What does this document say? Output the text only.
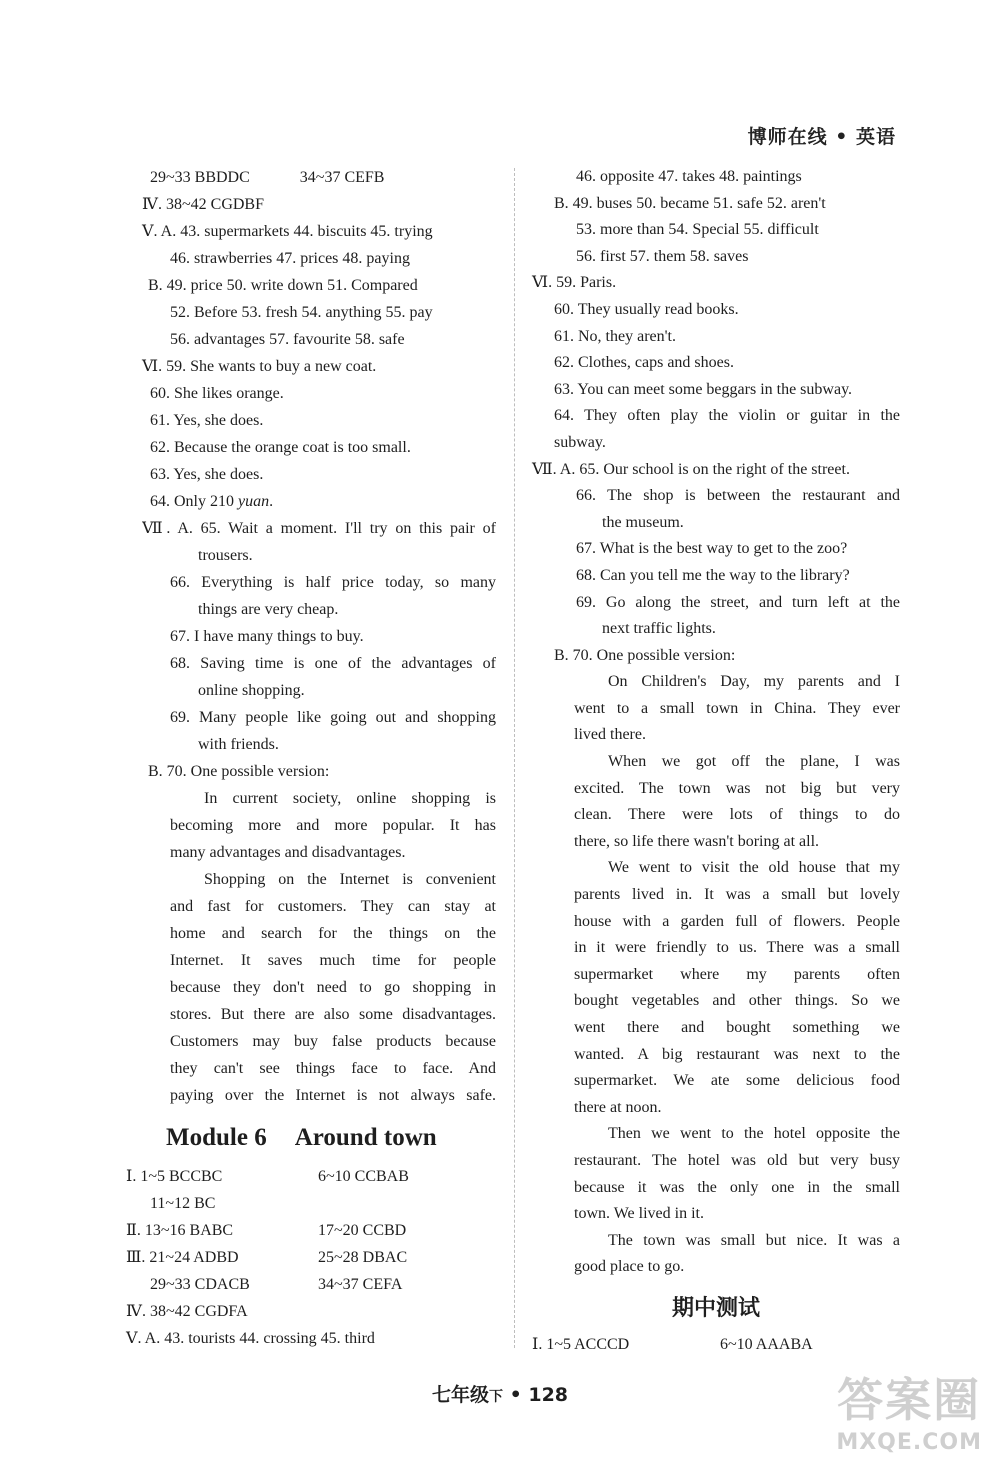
博师在线 • 英语
29~33 BBDDC	34~37 CEFB
Ⅳ. 38~42 CGDBF
Ⅴ. A. 43. supermarkets 44. biscuits 45. trying
46. strawberries 47. prices 48. paying
B. 49. price 50. write down 51. Compared
52. Before 53. fresh 54. anything 55. pay
56. advantages 57. favourite 58. safe
Ⅵ. 59. She wants to buy a new coat.
60. She likes orange.
61. Yes, she does.
62. Because the orange coat is too small.
63. Yes, she does.
64. Only 210 yuan.
Ⅶ. A. 65. Wait a moment. I'll try on this pair of
trousers.
66. Everything is half price today, so many
things are very cheap.
67. I have many things to buy.
68. Saving time is one of the advantages of
online shopping.
69. Many people like going out and shopping
with friends.
B. 70. One possible version:
In current society, online shopping is
becoming more and more popular. It has
many advantages and disadvantages.
Shopping on the Internet is convenient
and fast for customers. They can stay at
home and search for the things on the
Internet. It saves much time for people
because they don't need to go shopping in
stores. But there are also some disadvantages.
Customers may buy false products because
they can't see things face to face. And
paying over the Internet is not always safe.
Module 6 Around town
Ⅰ. 1~5 BCCBC	6~10 CCBAB
11~12 BC
Ⅱ. 13~16 BABC	17~20 CCBD
Ⅲ. 21~24 ADBD	25~28 DBAC
29~33 CDACB	34~37 CEFA
Ⅳ. 38~42 CGDFA
Ⅴ. A. 43. tourists 44. crossing 45. third
46. opposite 47. takes 48. paintings
B. 49. buses 50. became 51. safe 52. aren't
53. more than 54. Special 55. difficult
56. first 57. them 58. saves
Ⅵ. 59. Paris.
60. They usually read books.
61. No, they aren't.
62. Clothes, caps and shoes.
63. You can meet some beggars in the subway.
64. They often play the violin or guitar in the
subway.
Ⅶ. A. 65. Our school is on the right of the street.
66. The shop is between the restaurant and
the museum.
67. What is the best way to get to the zoo?
68. Can you tell me the way to the library?
69. Go along the street, and turn left at the
next traffic lights.
B. 70. One possible version:
On Children's Day, my parents and I
went to a small town in China. They ever
lived there.
When we got off the plane, I was
excited. The town was not big but very
clean. There were lots of things to do
there, so life there wasn't boring at all.
We went to visit the old house that my
parents lived in. It was a small but lovely
house with a garden full of flowers. People
in it were friendly to us. There was a small
supermarket where my parents often
bought vegetables and other things. So we
went there and bought something we
wanted. A big restaurant was next to the
supermarket. We ate some delicious food
there at noon.
Then we went to the hotel opposite the
restaurant. The hotel was old but very busy
because it was the only one in the small
town. We lived in it.
The town was small but nice. It was a
good place to go.
期中测试
Ⅰ. 1~5 ACCCD	6~10 AAABA
七年级下 • 128	答案圈
MXQE.COM
